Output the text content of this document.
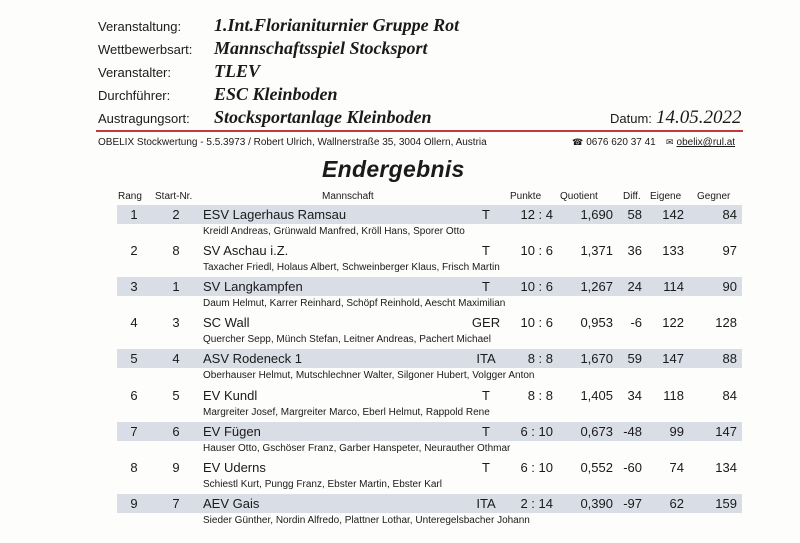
Veranstaltung: 1.Int.Florianiturnier Gruppe Rot
Wettbewerbsart: Mannschaftsspiel Stocksport
Veranstalter: TLEV
Durchführer: ESC Kleinboden
Austragungsort: Stocksportanlage Kleinboden	Datum: 14.05.2022
OBELIX Stockwertung - 5.5.3973 / Robert Ulrich, Wallnerstraße 35, 3004 Ollern, Austria	☎ 0676 620 37 41 ✉ obelix@rul.at
Endergebnis
Rang Start-Nr.	Mannschaft	Punkte Quotient	Diff. Eigene Gegner
1	2 ESV Lagerhaus Ramsau	T	12 : 4	1,690	58	142	84
Kreidl Andreas, Grünwald Manfred, Kröll Hans, Sporer Otto
2	8 SV Aschau i.Z.	T	10 : 6	1,371	36	133	97
Taxacher Friedl, Holaus Albert, Schweinberger Klaus, Frisch Martin
3	1 SV Langkampfen	T	10 : 6	1,267	24	114	90
Daum Helmut, Karrer Reinhard, Schöpf Reinhold, Aescht Maximilian
4	3 SC Wall	GER	10 : 6	0,953	-6	122	128
Quercher Sepp, Münch Stefan, Leitner Andreas, Pachert Michael
5	4 ASV Rodeneck 1	ITA	8 : 8	1,670	59	147	88
Oberhauser Helmut, Mutschlechner Walter, Silgoner Hubert, Volgger Anton
6	5 EV Kundl	T	8 : 8	1,405	34	118	84
Margreiter Josef, Margreiter Marco, Eberl Helmut, Rappold Rene
7	6 EV Fügen	T	6 : 10	0,673 -48	99	147
Hauser Otto, Gschöser Franz, Garber Hanspeter, Neurauther Othmar
8	9 EV Uderns	T	6 : 10	0,552 -60	74	134
Schiestl Kurt, Pungg Franz, Ebster Martin, Ebster Karl
9	7 AEV Gais	ITA	2 : 14	0,390 -97	62	159
Sieder Günther, Nordin Alfredo, Plattner Lothar, Unteregelsbacher Johann
